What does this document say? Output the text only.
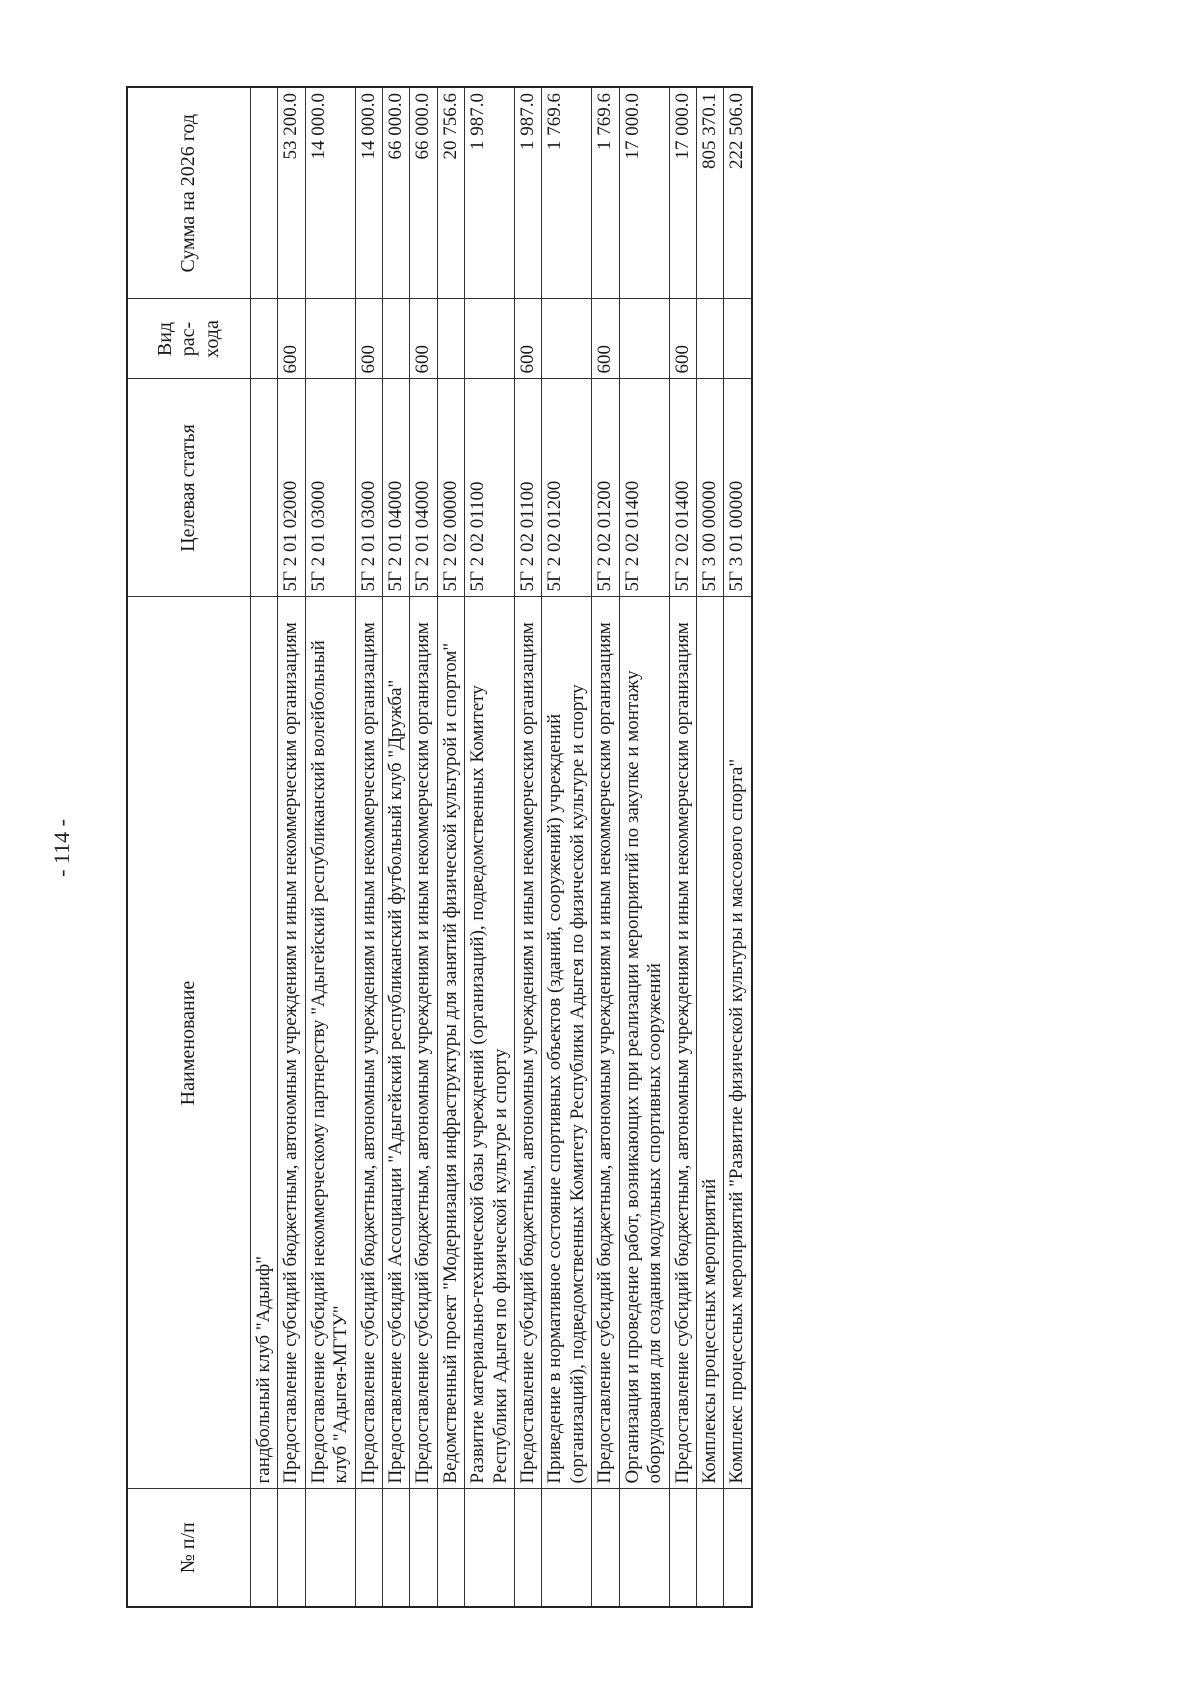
- 114 -
№ п/п	Наименование	Целевая статья	Вид рас-хода	Сумма на 2026 год
	гандбольный клуб "Адыиф"			
	Предоставление субсидий бюджетным, автономным учреждениям и иным некоммерческим организациям	5Г 2 01 02000	600	53 200.0
	Предоставление субсидий некоммерческому партнерству "Адыгейский республиканский волейбольный клуб "Адыгея-МГТУ"	5Г 2 01 03000		14 000.0
	Предоставление субсидий бюджетным, автономным учреждениям и иным некоммерческим организациям	5Г 2 01 03000	600	14 000.0
	Предоставление субсидий Ассоциации "Адыгейский республиканский футбольный клуб "Дружба"	5Г 2 01 04000		66 000.0
	Предоставление субсидий бюджетным, автономным учреждениям и иным некоммерческим организациям	5Г 2 01 04000	600	66 000.0
	Ведомственный проект "Модернизация инфраструктуры для занятий физической культурой и спортом"	5Г 2 02 00000		20 756.6
	Развитие материально-технической базы учреждений (организаций), подведомственных Комитету Республики Адыгея по физической культуре и спорту	5Г 2 02 01100		1 987.0
	Предоставление субсидий бюджетным, автономным учреждениям и иным некоммерческим организациям	5Г 2 02 01100	600	1 987.0
	Приведение в нормативное состояние спортивных объектов (зданий, сооружений) учреждений (организаций), подведомственных Комитету Республики Адыгея по физической культуре и спорту	5Г 2 02 01200		1 769.6
	Предоставление субсидий бюджетным, автономным учреждениям и иным некоммерческим организациям	5Г 2 02 01200	600	1 769.6
	Организация и проведение работ, возникающих при реализации мероприятий по закупке и монтажу оборудования для создания модульных спортивных сооружений	5Г 2 02 01400		17 000.0
	Предоставление субсидий бюджетным, автономным учреждениям и иным некоммерческим организациям	5Г 2 02 01400	600	17 000.0
	Комплексы процессных мероприятий	5Г 3 00 00000		805 370.1
	Комплекс процессных мероприятий "Развитие физической культуры и массового спорта"	5Г 3 01 00000		222 506.0
